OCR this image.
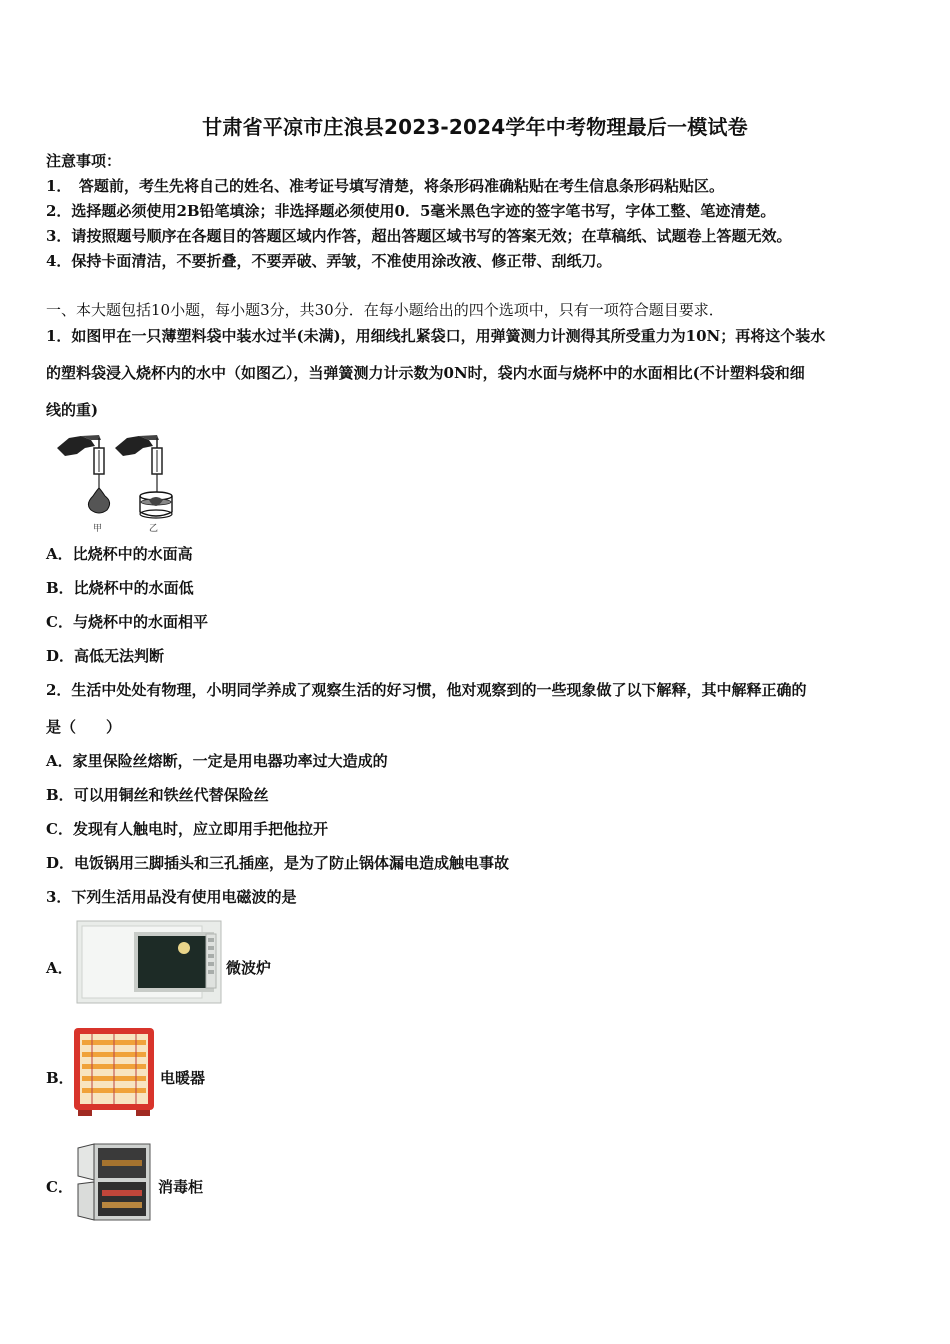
甘肃省平凉市庄浪县2023-2024学年中考物理最后一模试卷
注意事项：
1．　答题前，考生先将自己的姓名、准考证号填写清楚，将条形码准确粘贴在考生信息条形码粘贴区。
2．选择题必须使用2B铅笔填涂；非选择题必须使用0．5毫米黑色字迹的签字笔书写，字体工整、笔迹清楚。
3．请按照题号顺序在各题目的答题区域内作答，超出答题区域书写的答案无效；在草稿纸、试题卷上答题无效。
4．保持卡面清洁，不要折叠，不要弄破、弄皱，不准使用涂改液、修正带、刮纸刀。
一、本大题包括10小题，每小题3分，共30分．在每小题给出的四个选项中，只有一项符合题目要求．
1．如图甲在一只薄塑料袋中装水过半(未满)，用细线扎紧袋口，用弹簧测力计测得其所受重力为10N；再将这个装水
的塑料袋浸入烧杯内的水中（如图乙），当弹簧测力计示数为0N时，袋内水面与烧杯中的水面相比(不计塑料袋和细
线的重)
甲	乙
A．比烧杯中的水面高
B．比烧杯中的水面低
C．与烧杯中的水面相平
D．高低无法判断
2．生活中处处有物理，小明同学养成了观察生活的好习惯，他对观察到的一些现象做了以下解释，其中解释正确的
是（　　）
A．家里保险丝熔断，一定是用电器功率过大造成的
B．可以用铜丝和铁丝代替保险丝
C．发现有人触电时，应立即用手把他拉开
D．电饭锅用三脚插头和三孔插座，是为了防止锅体漏电造成触电事故
3．下列生活用品没有使用电磁波的是
A．	微波炉
B．	电暖器
C．	消毒柜
